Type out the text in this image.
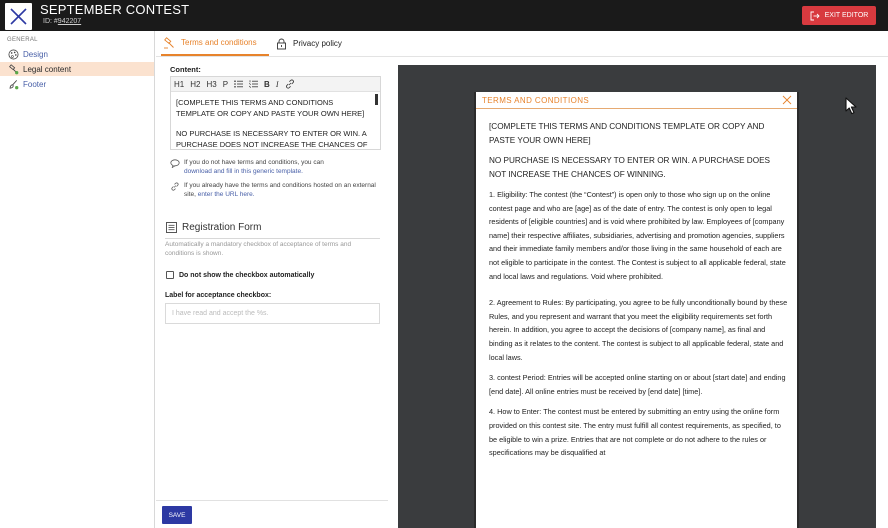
SEPTEMBER CONTEST
ID: #942207
EXIT EDITOR
GENERAL
Design
Legal content
Footer
Terms and conditions	Privacy policy
Content:
H1 H2 H3 P	B I

[COMPLETE THIS TERMS AND CONDITIONS TEMPLATE OR COPY AND PASTE YOUR OWN HERE]

NO PURCHASE IS NECESSARY TO ENTER OR WIN. A PURCHASE DOES NOT INCREASE THE CHANCES OF

If you do not have terms and conditions, you can
download and fill in this generic template.
If you already have the terms and conditions hosted on an external site, enter the URL here.
Registration Form
Automatically a mandatory checkbox of acceptance of terms and conditions is shown.
Do not show the checkbox automatically
Label for acceptance checkbox:
I have read and accept the %s.
SAVE
TERMS AND CONDITIONS

[COMPLETE THIS TERMS AND CONDITIONS TEMPLATE OR COPY AND PASTE YOUR OWN HERE]

NO PURCHASE IS NECESSARY TO ENTER OR WIN. A PURCHASE DOES NOT INCREASE THE CHANCES OF WINNING.

1. Eligibility: The contest (the “Contest”) is open only to those who sign up on the online contest page and who are [age] as of the date of entry. The contest is only open to legal residents of [eligible countries] and is void where prohibited by law. Employees of [company name] their respective affiliates, subsidiaries, advertising and promotion agencies, suppliers and their immediate family members and/or those living in the same household of each are not eligible to participate in the contest. The Contest is subject to all applicable federal, state and local laws and regulations. Void where prohibited.

2. Agreement to Rules: By participating, you agree to be fully unconditionally bound by these Rules, and you represent and warrant that you meet the eligibility requirements set forth herein. In addition, you agree to accept the decisions of [company name], as final and binding as it relates to the content. The contest is subject to all applicable federal, state and local laws.

3. contest Period: Entries will be accepted online starting on or about [start date] and ending [end date]. All online entries must be received by [end date] [time].

4. How to Enter: The contest must be entered by submitting an entry using the online form provided on this contest site. The entry must fulfill all contest requirements, as specified, to be eligible to win a prize. Entries that are not complete or do not adhere to the rules or specifications may be disqualified at
